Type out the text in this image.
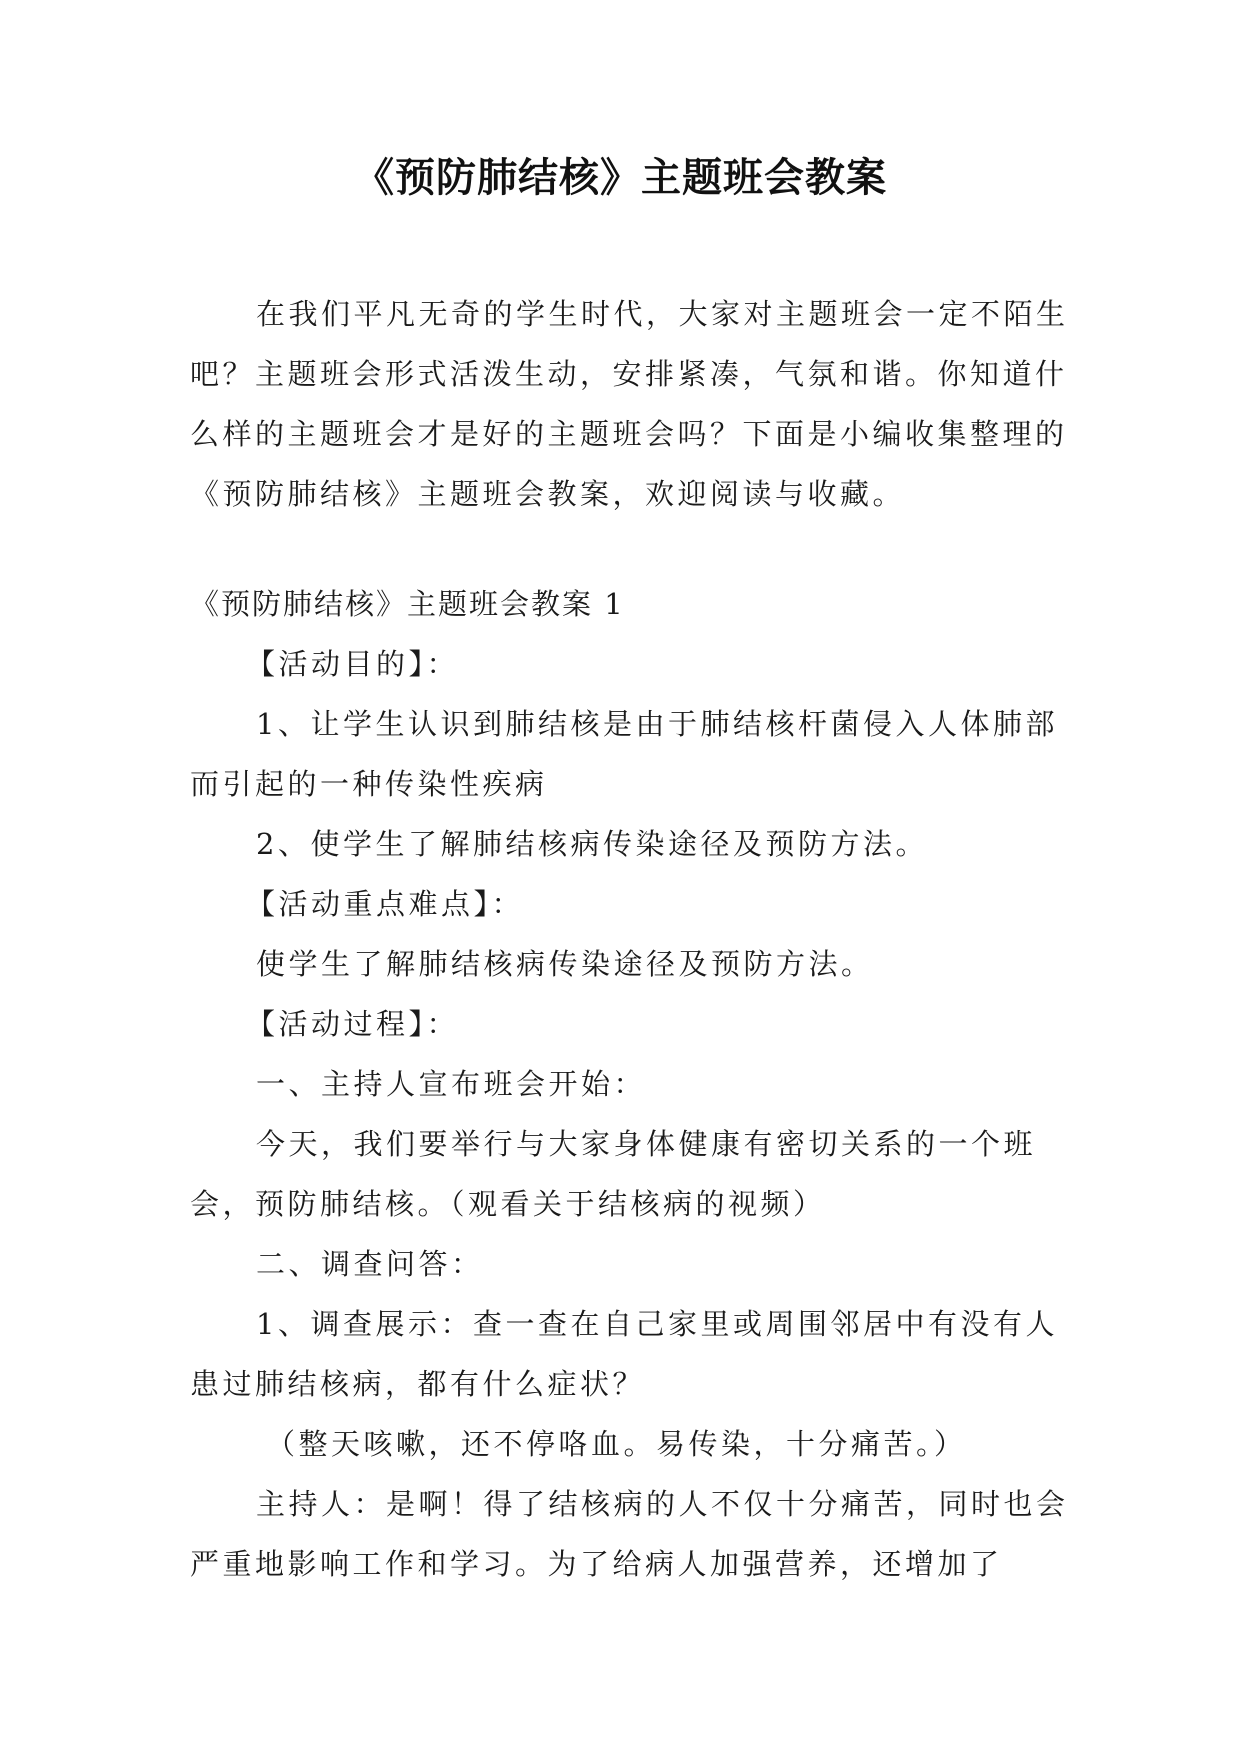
《预防肺结核》主题班会教案

在我们平凡无奇的学生时代，大家对主题班会一定不陌生吧？主题班会形式活泼生动，安排紧凑，气氛和谐。你知道什么样的主题班会才是好的主题班会吗？下面是小编收集整理的《预防肺结核》主题班会教案，欢迎阅读与收藏。

《预防肺结核》主题班会教案 1

【活动目的】：

1、让学生认识到肺结核是由于肺结核杆菌侵入人体肺部而引起的一种传染性疾病

2、使学生了解肺结核病传染途径及预防方法。

【活动重点难点】：

使学生了解肺结核病传染途径及预防方法。

【活动过程】：

一、主持人宣布班会开始：

今天，我们要举行与大家身体健康有密切关系的一个班会，预防肺结核。（观看关于结核病的视频）

二、调查问答：

1、调查展示：查一查在自己家里或周围邻居中有没有人患过肺结核病，都有什么症状？

（整天咳嗽，还不停咯血。易传染，十分痛苦。）

主持人：是啊！得了结核病的人不仅十分痛苦，同时也会严重地影响工作和学习。为了给病人加强营养，还增加了
